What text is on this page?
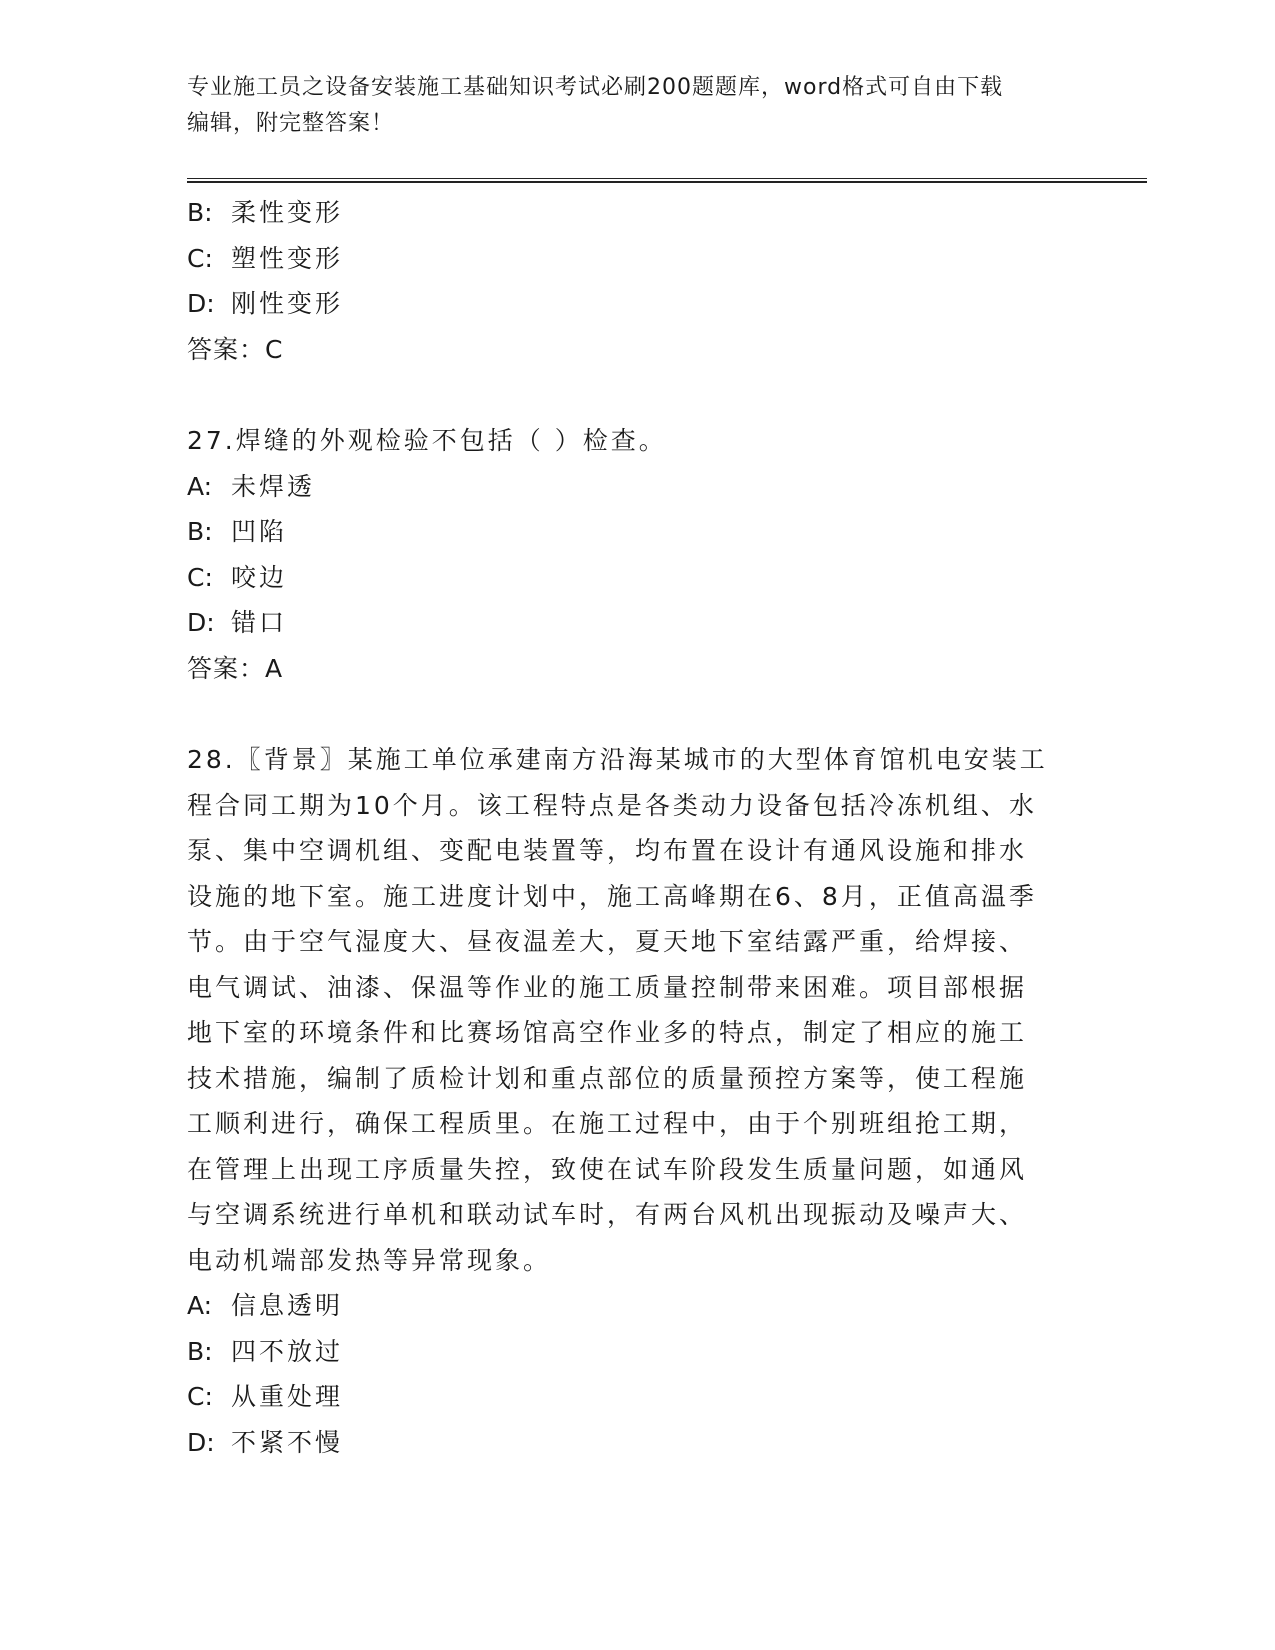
专业施工员之设备安装施工基础知识考试必刷200题题库，word格式可自由下载
编辑，附完整答案！
B: 柔性变形
C: 塑性变形
D: 刚性变形
答案：C
27.焊缝的外观检验不包括（ ）检查。
A: 未焊透
B: 凹陷
C: 咬边
D: 错口
答案：A
28.〖背景〗某施工单位承建南方沿海某城市的大型体育馆机电安装工
程合同工期为10个月。该工程特点是各类动力设备包括冷冻机组、水
泵、集中空调机组、变配电装置等，均布置在设计有通风设施和排水
设施的地下室。施工进度计划中，施工高峰期在6、8月，正值高温季
节。由于空气湿度大、昼夜温差大，夏天地下室结露严重，给焊接、
电气调试、油漆、保温等作业的施工质量控制带来困难。项目部根据
地下室的环境条件和比赛场馆高空作业多的特点，制定了相应的施工
技术措施，编制了质检计划和重点部位的质量预控方案等，使工程施
工顺利进行，确保工程质里。在施工过程中，由于个别班组抢工期，
在管理上出现工序质量失控，致使在试车阶段发生质量问题，如通风
与空调系统进行单机和联动试车时，有两台风机出现振动及噪声大、
电动机端部发热等异常现象。
A: 信息透明
B: 四不放过
C: 从重处理
D: 不紧不慢
